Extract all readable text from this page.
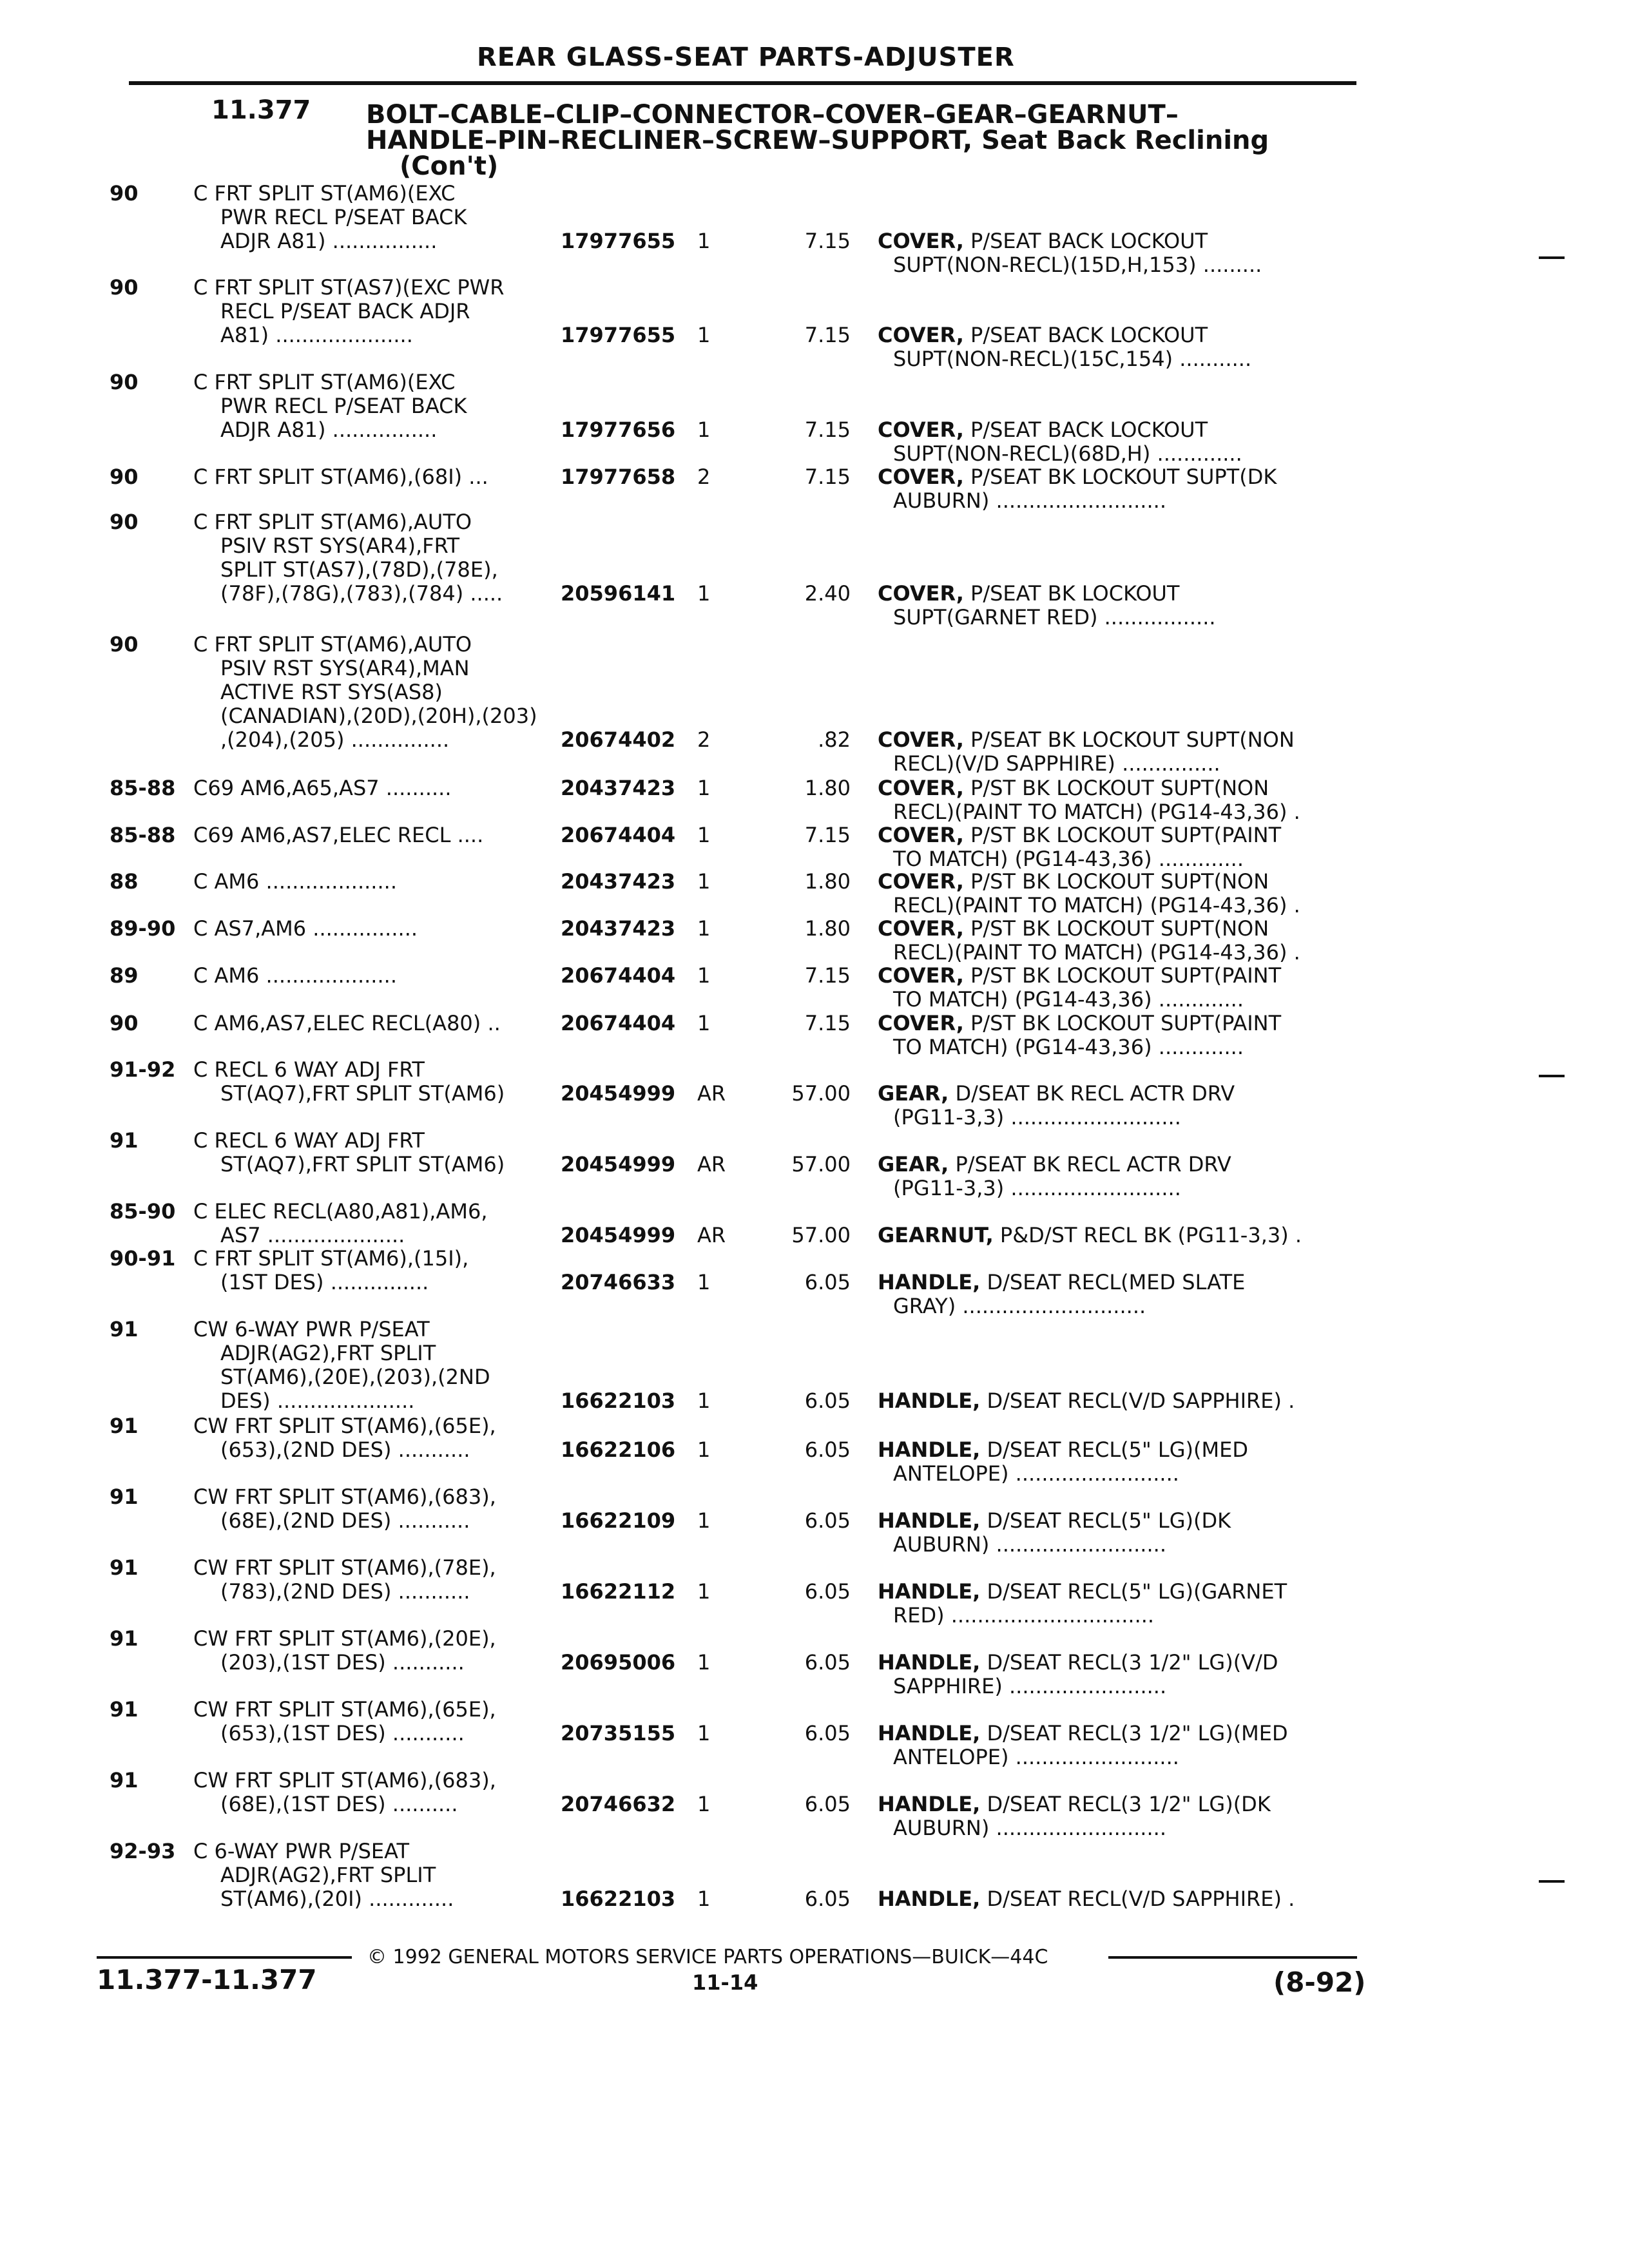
REAR GLASS-SEAT PARTS-ADJUSTER
11.377 BOLT–CABLE–CLIP–CONNECTOR–COVER–GEAR–GEARNUT–
HANDLE–PIN–RECLINER–SCREW–SUPPORT, Seat Back Reclining
(Con't)
90	C FRT SPLIT ST(AM6)(EXC
PWR RECL P/SEAT BACK
ADJR A81) ................	17977655 1	7.15 COVER, P/SEAT BACK LOCKOUT
SUPT(NON-RECL)(15D,H,153) .........
90	C FRT SPLIT ST(AS7)(EXC PWR
RECL P/SEAT BACK ADJR
A81) .....................	17977655 1	7.15 COVER, P/SEAT BACK LOCKOUT
SUPT(NON-RECL)(15C,154) ...........
90	C FRT SPLIT ST(AM6)(EXC
PWR RECL P/SEAT BACK
ADJR A81) ................	17977656 1	7.15 COVER, P/SEAT BACK LOCKOUT
SUPT(NON-RECL)(68D,H) .............
90	C FRT SPLIT ST(AM6),(68I) ...	17977658 2	7.15 COVER, P/SEAT BK LOCKOUT SUPT(DK
AUBURN) ..........................
90	C FRT SPLIT ST(AM6),AUTO
PSIV RST SYS(AR4),FRT
SPLIT ST(AS7),(78D),(78E),
(78F),(78G),(783),(784) .....	20596141 1	2.40 COVER, P/SEAT BK LOCKOUT
SUPT(GARNET RED) .................
90	C FRT SPLIT ST(AM6),AUTO
PSIV RST SYS(AR4),MAN
ACTIVE RST SYS(AS8)
(CANADIAN),(20D),(20H),(203)
,(204),(205) ...............	20674402 2	.82 COVER, P/SEAT BK LOCKOUT SUPT(NON
RECL)(V/D SAPPHIRE) ...............
85-88 C69 AM6,A65,AS7 ..........	20437423 1	1.80 COVER, P/ST BK LOCKOUT SUPT(NON
RECL)(PAINT TO MATCH) (PG14-43,36) .
85-88 C69 AM6,AS7,ELEC RECL ....	20674404 1	7.15 COVER, P/ST BK LOCKOUT SUPT(PAINT
TO MATCH) (PG14-43,36) .............
88	C AM6 ....................	20437423 1	1.80 COVER, P/ST BK LOCKOUT SUPT(NON
RECL)(PAINT TO MATCH) (PG14-43,36) .
89-90 C AS7,AM6 ................	20437423 1	1.80 COVER, P/ST BK LOCKOUT SUPT(NON
RECL)(PAINT TO MATCH) (PG14-43,36) .
89	C AM6 ....................	20674404 1	7.15 COVER, P/ST BK LOCKOUT SUPT(PAINT
TO MATCH) (PG14-43,36) .............
90	C AM6,AS7,ELEC RECL(A80) ..	20674404 1	7.15 COVER, P/ST BK LOCKOUT SUPT(PAINT
TO MATCH) (PG14-43,36) .............
91-92 C RECL 6 WAY ADJ FRT
ST(AQ7),FRT SPLIT ST(AM6)	20454999 AR	57.00 GEAR, D/SEAT BK RECL ACTR DRV
(PG11-3,3) ..........................
91	C RECL 6 WAY ADJ FRT
ST(AQ7),FRT SPLIT ST(AM6)	20454999 AR	57.00 GEAR, P/SEAT BK RECL ACTR DRV
(PG11-3,3) ..........................
85-90 C ELEC RECL(A80,A81),AM6,
AS7 .....................	20454999 AR	57.00 GEARNUT, P&D/ST RECL BK (PG11-3,3) .
90-91 C FRT SPLIT ST(AM6),(15I),
(1ST DES) ...............	20746633 1	6.05 HANDLE, D/SEAT RECL(MED SLATE
GRAY) ............................
91	CW 6-WAY PWR P/SEAT
ADJR(AG2),FRT SPLIT
ST(AM6),(20E),(203),(2ND
DES) .....................	16622103 1	6.05 HANDLE, D/SEAT RECL(V/D SAPPHIRE) .
91	CW FRT SPLIT ST(AM6),(65E),
(653),(2ND DES) ...........	16622106 1	6.05 HANDLE, D/SEAT RECL(5" LG)(MED
ANTELOPE) .........................
91	CW FRT SPLIT ST(AM6),(683),
(68E),(2ND DES) ...........	16622109 1	6.05 HANDLE, D/SEAT RECL(5" LG)(DK
AUBURN) ..........................
91	CW FRT SPLIT ST(AM6),(78E),
(783),(2ND DES) ...........	16622112 1	6.05 HANDLE, D/SEAT RECL(5" LG)(GARNET
RED) ...............................
91	CW FRT SPLIT ST(AM6),(20E),
(203),(1ST DES) ...........	20695006 1	6.05 HANDLE, D/SEAT RECL(3 1/2" LG)(V/D
SAPPHIRE) ........................
91	CW FRT SPLIT ST(AM6),(65E),
(653),(1ST DES) ...........	20735155 1	6.05 HANDLE, D/SEAT RECL(3 1/2" LG)(MED
ANTELOPE) .........................
91	CW FRT SPLIT ST(AM6),(683),
(68E),(1ST DES) ..........	20746632 1	6.05 HANDLE, D/SEAT RECL(3 1/2" LG)(DK
AUBURN) ..........................
92-93 C 6-WAY PWR P/SEAT
ADJR(AG2),FRT SPLIT
ST(AM6),(20I) .............	16622103 1	6.05 HANDLE, D/SEAT RECL(V/D SAPPHIRE) .
© 1992 GENERAL MOTORS SERVICE PARTS OPERATIONS—BUICK—44C
11.377-11.377	11-14	(8-92)
